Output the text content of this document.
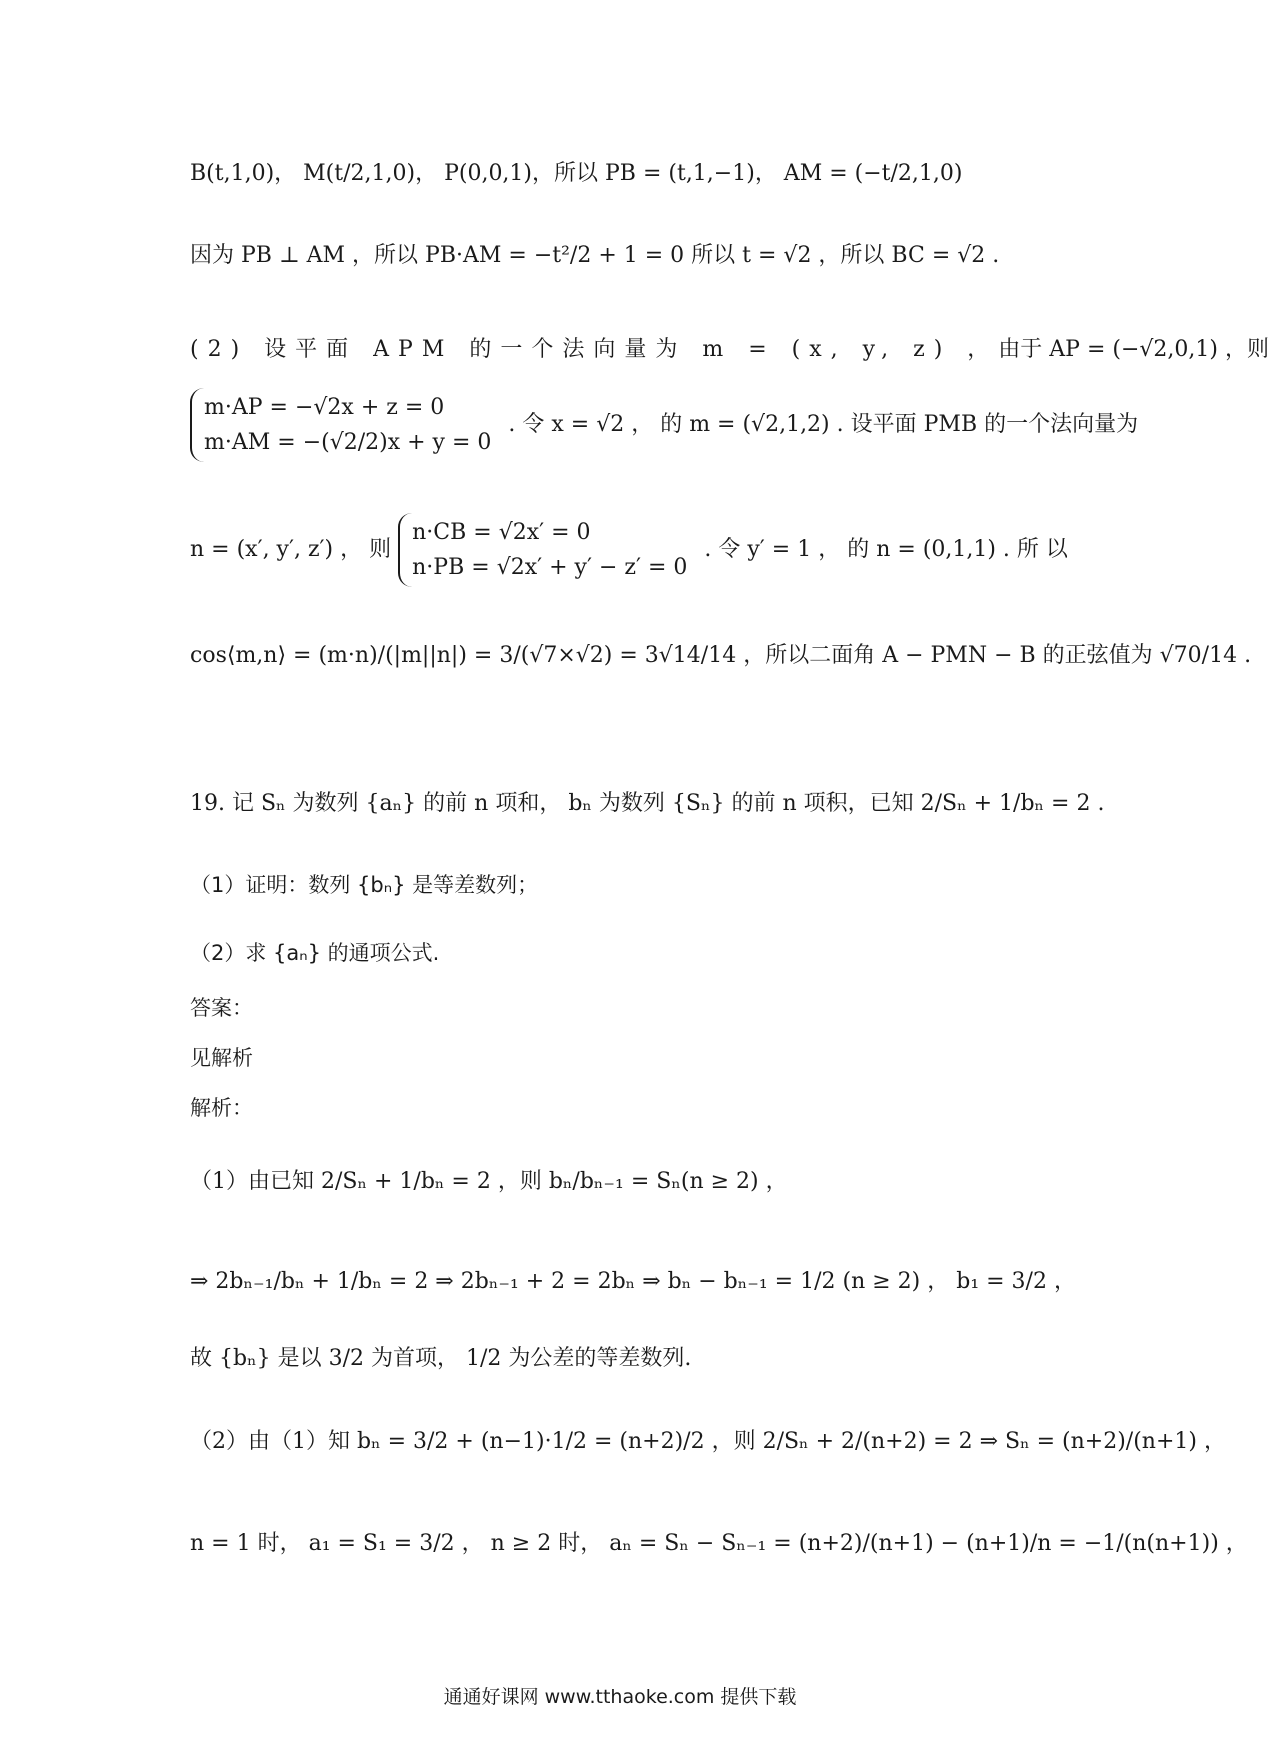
B(t,1,0)， M(t/2,1,0)， P(0,0,1)，所以 PB = (t,1,−1)， AM = (−t/2,1,0)
因为 PB ⊥ AM ，所以 PB·AM = −t²/2 + 1 = 0 所以 t = √2 ，所以 BC = √2 .
(2) 设平面 APM 的一个法向量为 m = (x, y, z) ， 由于 AP = (−√2,0,1) ， 则
m·AP = −√2x + z = 0
m·AM = −(√2/2)x + y = 0
. 令 x = √2 ， 的 m = (√2,1,2) . 设平面 PMB 的一个法向量为
n = (x′, y′, z′) ， 则
n·CB = √2x′ = 0
n·PB = √2x′ + y′ − z′ = 0
. 令 y′ = 1 ， 的 n = (0,1,1) . 所 以
cos⟨m,n⟩ = (m·n)/(|m||n|) = 3/(√7×√2) = 3√14/14 ，所以二面角 A − PMN − B 的正弦值为 √70/14 .
19. 记 Sₙ 为数列 {aₙ} 的前 n 项和， bₙ 为数列 {Sₙ} 的前 n 项积，已知 2/Sₙ + 1/bₙ = 2 .
（1）证明：数列 {bₙ} 是等差数列；
（2）求 {aₙ} 的通项公式.
答案：
见解析
解析：
（1）由已知 2/Sₙ + 1/bₙ = 2 ，则 bₙ/bₙ₋₁ = Sₙ(n ≥ 2) ，
⇒ 2bₙ₋₁/bₙ + 1/bₙ = 2 ⇒ 2bₙ₋₁ + 2 = 2bₙ ⇒ bₙ − bₙ₋₁ = 1/2 (n ≥ 2) ， b₁ = 3/2 ，
故 {bₙ} 是以 3/2 为首项， 1/2 为公差的等差数列.
（2）由（1）知 bₙ = 3/2 + (n−1)·1/2 = (n+2)/2 ，则 2/Sₙ + 2/(n+2) = 2 ⇒ Sₙ = (n+2)/(n+1) ，
n = 1 时， a₁ = S₁ = 3/2 ， n ≥ 2 时， aₙ = Sₙ − Sₙ₋₁ = (n+2)/(n+1) − (n+1)/n = −1/(n(n+1)) ，
通通好课网 www.tthaoke.com 提供下载
